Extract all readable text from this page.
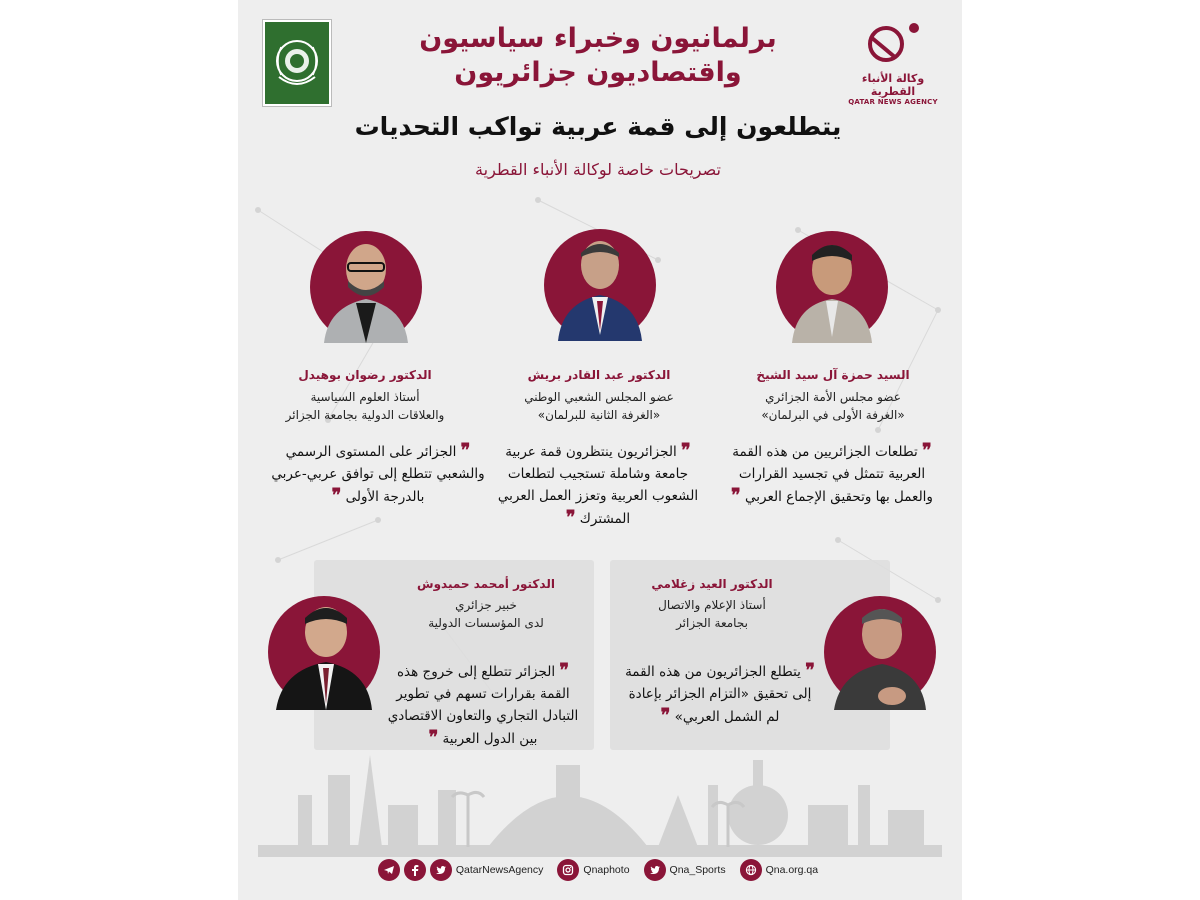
وكالة الأنباء القطرية
QATAR NEWS AGENCY
برلمانيون وخبراء سياسيون
واقتصاديون جزائريون
يتطلعون إلى قمة عربية تواكب التحديات
تصريحات خاصة لوكالة الأنباء القطرية
السيد حمزة آل سيد الشيخ
عضو مجلس الأمة الجزائري
«الغرفة الأولى في البرلمان»
❞ تطلعات الجزائريين من هذه القمة العربية تتمثل في تجسيد القرارات والعمل بها وتحقيق الإجماع العربي ❞
الدكتور عبد القادر بريش
عضو المجلس الشعبي الوطني
«الغرفة الثانية للبرلمان»
❞ الجزائريون ينتظرون قمة عربية جامعة وشاملة تستجيب لتطلعات الشعوب العربية وتعزز العمل العربي المشترك ❞
الدكتور رضوان بوهيدل
أستاذ العلوم السياسية
والعلاقات الدولية بجامعة الجزائر
❞ الجزائر على المستوى الرسمي والشعبي تتطلع إلى توافق عربي-عربي بالدرجة الأولى ❞
الدكتور العيد زغلامي
أستاذ الإعلام والاتصال
بجامعة الجزائر
❞ يتطلع الجزائريون من هذه القمة إلى تحقيق «التزام الجزائر بإعادة لم الشمل العربي» ❞
الدكتور أمحمد حميدوش
خبير جزائري
لدى المؤسسات الدولية
❞ الجزائر تتطلع إلى خروج هذه القمة بقرارات تسهم في تطوير التبادل التجاري والتعاون الاقتصادي بين الدول العربية ❞
QatarNewsAgency	Qnaphoto	Qna_Sports	Qna.org.qa
